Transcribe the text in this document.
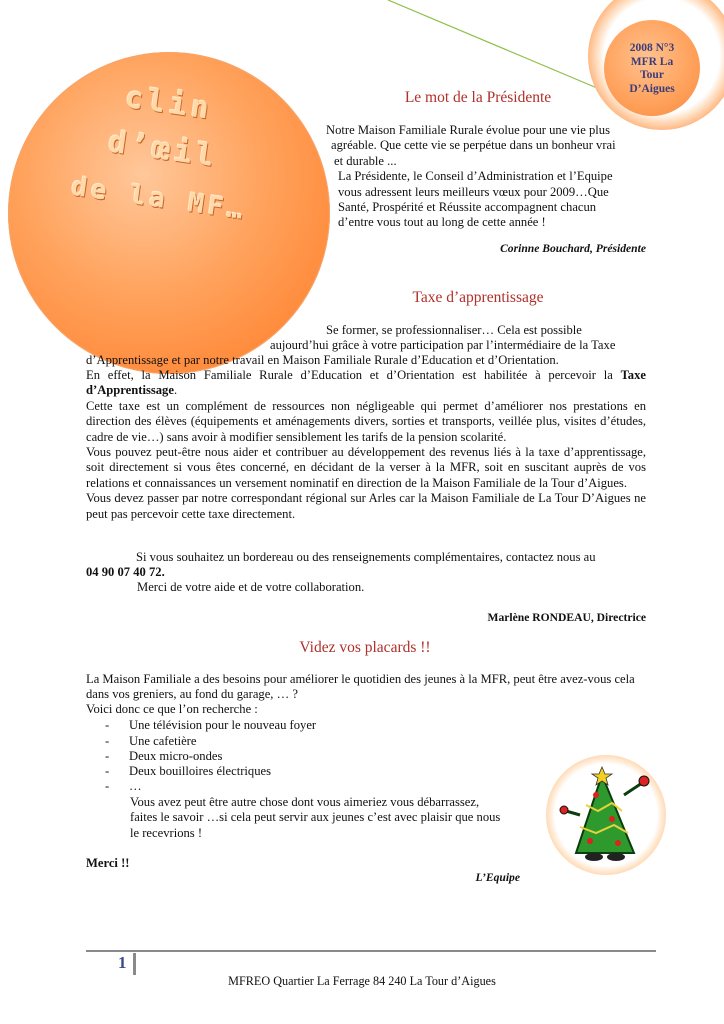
2008 N°3
MFR La
Tour
D’Aigues
clin
d’œil
de la MF…
Le mot de la Présidente
Notre Maison Familiale Rurale évolue pour une vie plus
agréable. Que cette vie se perpétue dans un bonheur vrai
et durable ...
La Présidente, le Conseil d’Administration et l’Equipe
vous adressent leurs meilleurs vœux pour 2009…Que
Santé, Prospérité et Réussite accompagnent chacun
d’entre vous tout au long de cette année !
Corinne Bouchard, Présidente
Taxe d’apprentissage
Se former, se professionnaliser… Cela est possible
aujourd’hui grâce à votre participation par l’intermédiaire de la Taxe
d’Apprentissage et par notre travail en Maison Familiale Rurale d’Education et d’Orientation.
En effet, la Maison Familiale Rurale d’Education et d’Orientation est habilitée à percevoir la Taxe d’Apprentissage.
Cette taxe est un complément de ressources non négligeable qui permet d’améliorer nos prestations en direction des élèves (équipements et aménagements divers, sorties et transports, veillée plus, visites d’études, cadre de vie…) sans avoir à modifier sensiblement les tarifs de la pension scolarité.
Vous pouvez peut-être nous aider et contribuer au développement des revenus liés à la taxe d’apprentissage, soit directement si vous êtes concerné, en décidant de la verser à la MFR, soit en suscitant auprès de vos relations et connaissances un versement nominatif en direction de la Maison Familiale de la Tour d’Aigues.
Vous devez passer par notre correspondant régional sur Arles car la Maison Familiale de La Tour D’Aigues ne peut pas percevoir cette taxe directement.
Si vous souhaitez un bordereau ou des renseignements complémentaires, contactez nous au
04 90 07 40 72.
Merci de votre aide et de votre collaboration.
Marlène RONDEAU, Directrice
Videz vos placards !!
La Maison Familiale a des besoins pour améliorer le quotidien des jeunes à la MFR, peut être avez-vous cela dans vos greniers, au fond du garage, … ?
Voici donc ce que l’on recherche :
- Une télévision pour le nouveau foyer
- Une cafetière
- Deux micro-ondes
- Deux bouilloires électriques
- …
Vous avez peut être autre chose dont vous aimeriez vous débarrassez,
faites le savoir …si cela peut servir aux jeunes c’est avec plaisir que nous
le recevrions !
Merci !!
L’Equipe
1
MFREO Quartier La Ferrage 84 240 La Tour d’Aigues
